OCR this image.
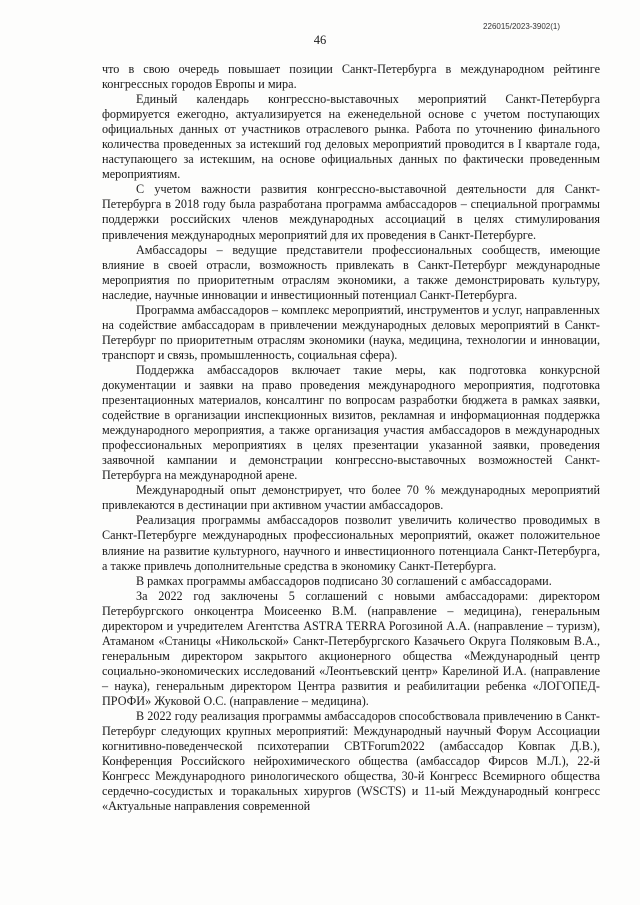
226015/2023-3902(1)
46

что в свою очередь повышает позиции Санкт-Петербурга в международном рейтинге конгрессных городов Европы и мира.

Единый календарь конгрессно-выставочных мероприятий Санкт-Петербурга формируется ежегодно, актуализируется на еженедельной основе с учетом поступающих официальных данных от участников отраслевого рынка. Работа по уточнению финального количества проведенных за истекший год деловых мероприятий проводится в I квартале года, наступающего за истекшим, на основе официальных данных по фактически проведенным мероприятиям.

С учетом важности развития конгрессно-выставочной деятельности для Санкт-Петербурга в 2018 году была разработана программа амбассадоров – специальной программы поддержки российских членов международных ассоциаций в целях стимулирования привлечения международных мероприятий для их проведения в Санкт-Петербурге.

Амбассадоры – ведущие представители профессиональных сообществ, имеющие влияние в своей отрасли, возможность привлекать в Санкт-Петербург международные мероприятия по приоритетным отраслям экономики, а также демонстрировать культуру, наследие, научные инновации и инвестиционный потенциал Санкт-Петербурга.

Программа амбассадоров – комплекс мероприятий, инструментов и услуг, направленных на содействие амбассадорам в привлечении международных деловых мероприятий в Санкт-Петербург по приоритетным отраслям экономики (наука, медицина, технологии и инновации, транспорт и связь, промышленность, социальная сфера).

Поддержка амбассадоров включает такие меры, как подготовка конкурсной документации и заявки на право проведения международного мероприятия, подготовка презентационных материалов, консалтинг по вопросам разработки бюджета в рамках заявки, содействие в организации инспекционных визитов, рекламная и информационная поддержка международного мероприятия, а также организация участия амбассадоров в международных профессиональных мероприятиях в целях презентации указанной заявки, проведения заявочной кампании и демонстрации конгрессно-выставочных возможностей Санкт-Петербурга на международной арене.

Международный опыт демонстрирует, что более 70 % международных мероприятий привлекаются в дестинации при активном участии амбассадоров.

Реализация программы амбассадоров позволит увеличить количество проводимых в Санкт-Петербурге международных профессиональных мероприятий, окажет положительное влияние на развитие культурного, научного и инвестиционного потенциала Санкт-Петербурга, а также привлечь дополнительные средства в экономику Санкт-Петербурга.

В рамках программы амбассадоров подписано 30 соглашений с амбассадорами.

За 2022 год заключены 5 соглашений с новыми амбассадорами: директором Петербургского онкоцентра Моисеенко В.М. (направление – медицина), генеральным директором и учредителем Агентства ASTRA TERRA Рогозиной А.А. (направление – туризм), Атаманом «Станицы «Никольской» Санкт-Петербургского Казачьего Округа Поляковым В.А., генеральным директором закрытого акционерного общества «Международный центр социально-экономических исследований «Леонтьевский центр» Карелиной И.А. (направление – наука), генеральным директором Центра развития и реабилитации ребенка «ЛОГОПЕД-ПРОФИ» Жуковой О.С. (направление – медицина).

В 2022 году реализация программы амбассадоров способствовала привлечению в Санкт-Петербург следующих крупных мероприятий: Международный научный Форум Ассоциации когнитивно-поведенческой психотерапии CBTForum2022 (амбассадор Ковпак Д.В.), Конференция Российского нейрохимического общества (амбассадор Фирсов М.Л.), 22-й Конгресс Международного ринологического общества, 30-й Конгресс Всемирного общества сердечно-сосудистых и торакальных хирургов (WSCTS) и 11-ый Международный конгресс «Актуальные направления современной
